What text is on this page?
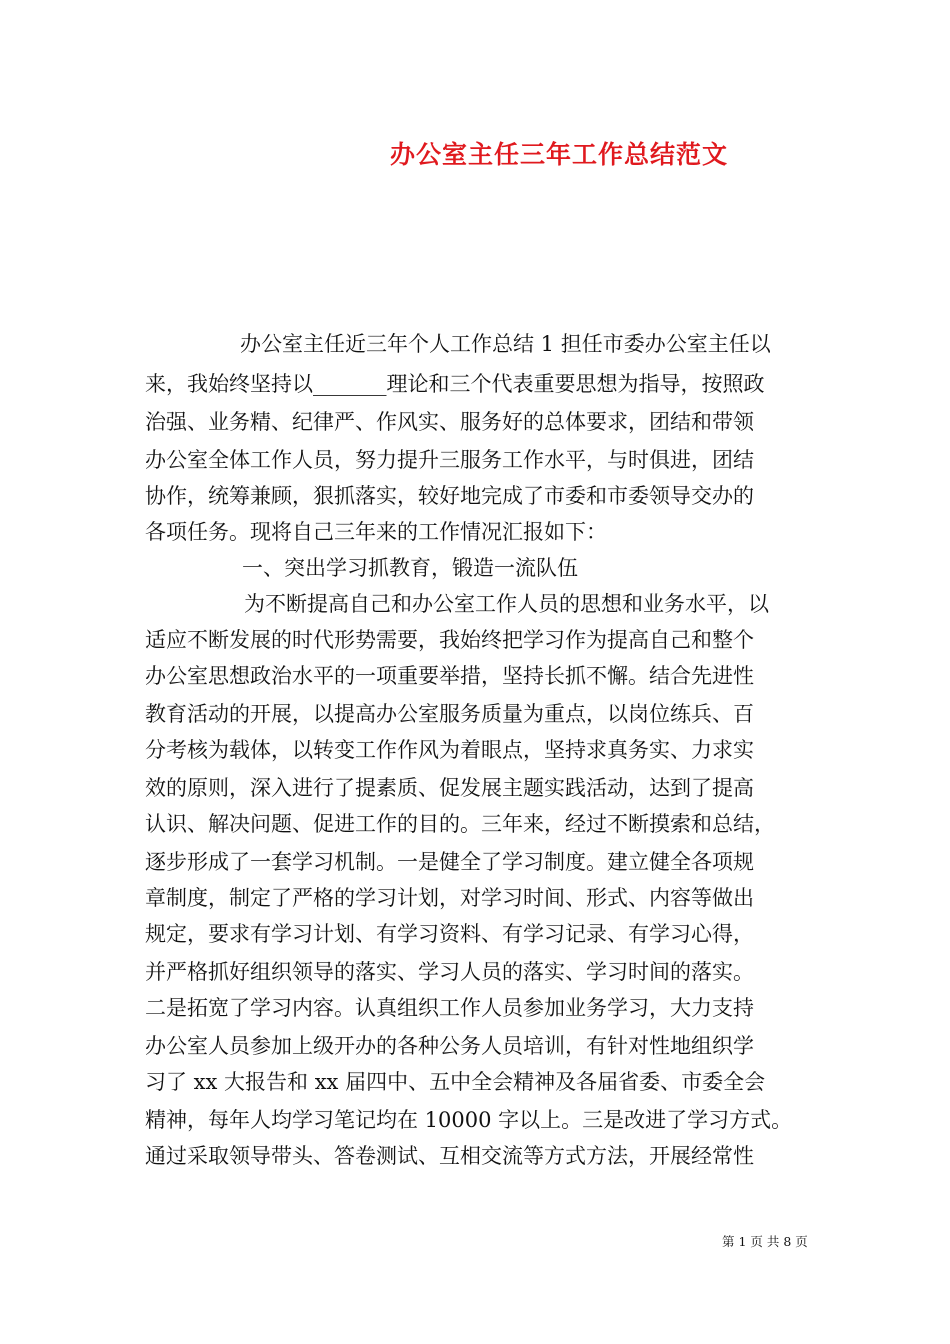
办公室主任三年工作总结范文
办公室主任近三年个人工作总结 1 担任市委办公室主任以
来，我始终坚持以_______理论和三个代表重要思想为指导，按照政
治强、业务精、纪律严、作风实、服务好的总体要求，团结和带领
办公室全体工作人员，努力提升三服务工作水平，与时俱进，团结
协作，统筹兼顾，狠抓落实，较好地完成了市委和市委领导交办的
各项任务。现将自己三年来的工作情况汇报如下：
一、突出学习抓教育，锻造一流队伍
为不断提高自己和办公室工作人员的思想和业务水平，以
适应不断发展的时代形势需要，我始终把学习作为提高自己和整个
办公室思想政治水平的一项重要举措，坚持长抓不懈。结合先进性
教育活动的开展，以提高办公室服务质量为重点，以岗位练兵、百
分考核为载体，以转变工作作风为着眼点，坚持求真务实、力求实
效的原则，深入进行了提素质、促发展主题实践活动，达到了提高
认识、解决问题、促进工作的目的。三年来，经过不断摸索和总结，
逐步形成了一套学习机制。一是健全了学习制度。建立健全各项规
章制度，制定了严格的学习计划，对学习时间、形式、内容等做出
规定，要求有学习计划、有学习资料、有学习记录、有学习心得，
并严格抓好组织领导的落实、学习人员的落实、学习时间的落实。
二是拓宽了学习内容。认真组织工作人员参加业务学习，大力支持
办公室人员参加上级开办的各种公务人员培训，有针对性地组织学
习了 xx 大报告和 xx 届四中、五中全会精神及各届省委、市委全会
精神，每年人均学习笔记均在 10000 字以上。三是改进了学习方式。
通过采取领导带头、答卷测试、互相交流等方式方法，开展经常性
第 1 页 共 8 页
